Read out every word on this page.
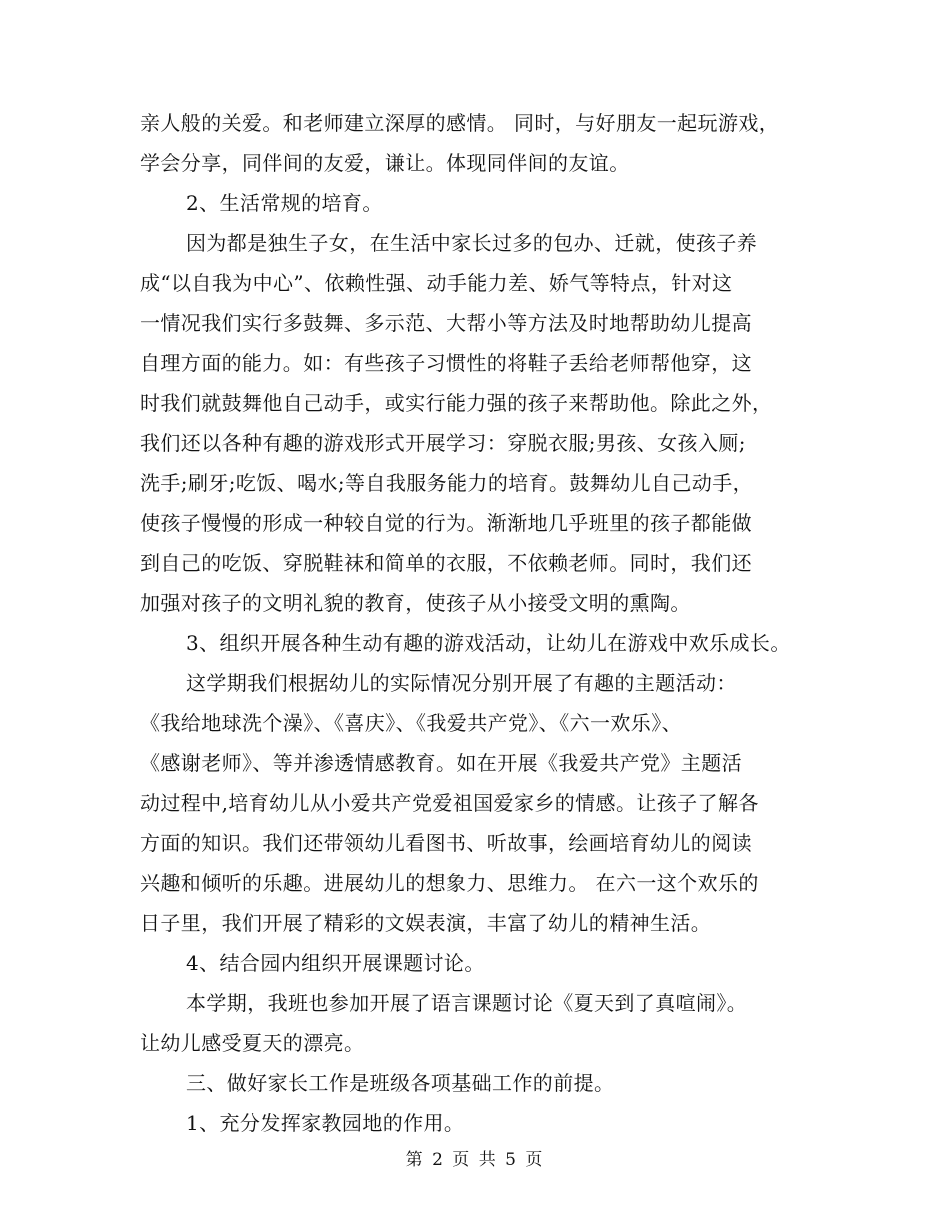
亲人般的关爱。和老师建立深厚的感情。 同时，与好朋友一起玩游戏，
学会分享，同伴间的友爱，谦让。体现同伴间的友谊。
2、生活常规的培育。
因为都是独生子女，在生活中家长过多的包办、迁就，使孩子养
成“以自我为中心”、依赖性强、动手能力差、娇气等特点，针对这
一情况我们实行多鼓舞、多示范、大帮小等方法及时地帮助幼儿提高
自理方面的能力。如：有些孩子习惯性的将鞋子丢给老师帮他穿，这
时我们就鼓舞他自己动手，或实行能力强的孩子来帮助他。除此之外，
我们还以各种有趣的游戏形式开展学习：穿脱衣服;男孩、女孩入厕;
洗手;刷牙;吃饭、喝水;等自我服务能力的培育。鼓舞幼儿自己动手，
使孩子慢慢的形成一种较自觉的行为。渐渐地几乎班里的孩子都能做
到自己的吃饭、穿脱鞋袜和简单的衣服，不依赖老师。同时，我们还
加强对孩子的文明礼貌的教育，使孩子从小接受文明的熏陶。
3、组织开展各种生动有趣的游戏活动，让幼儿在游戏中欢乐成长。
这学期我们根据幼儿的实际情况分别开展了有趣的主题活动：
《我给地球洗个澡》、《喜庆》、《我爱共产党》、《六一欢乐》、
《感谢老师》、等并渗透情感教育。如在开展《我爱共产党》主题活
动过程中,培育幼儿从小爱共产党爱祖国爱家乡的情感。让孩子了解各
方面的知识。我们还带领幼儿看图书、听故事，绘画培育幼儿的阅读
兴趣和倾听的乐趣。进展幼儿的想象力、思维力。 在六一这个欢乐的
日子里，我们开展了精彩的文娱表演，丰富了幼儿的精神生活。
4、结合园内组织开展课题讨论。
本学期，我班也参加开展了语言课题讨论《夏天到了真喧闹》。
让幼儿感受夏天的漂亮。
三、做好家长工作是班级各项基础工作的前提。
1、充分发挥家教园地的作用。
第 2 页 共 5 页
